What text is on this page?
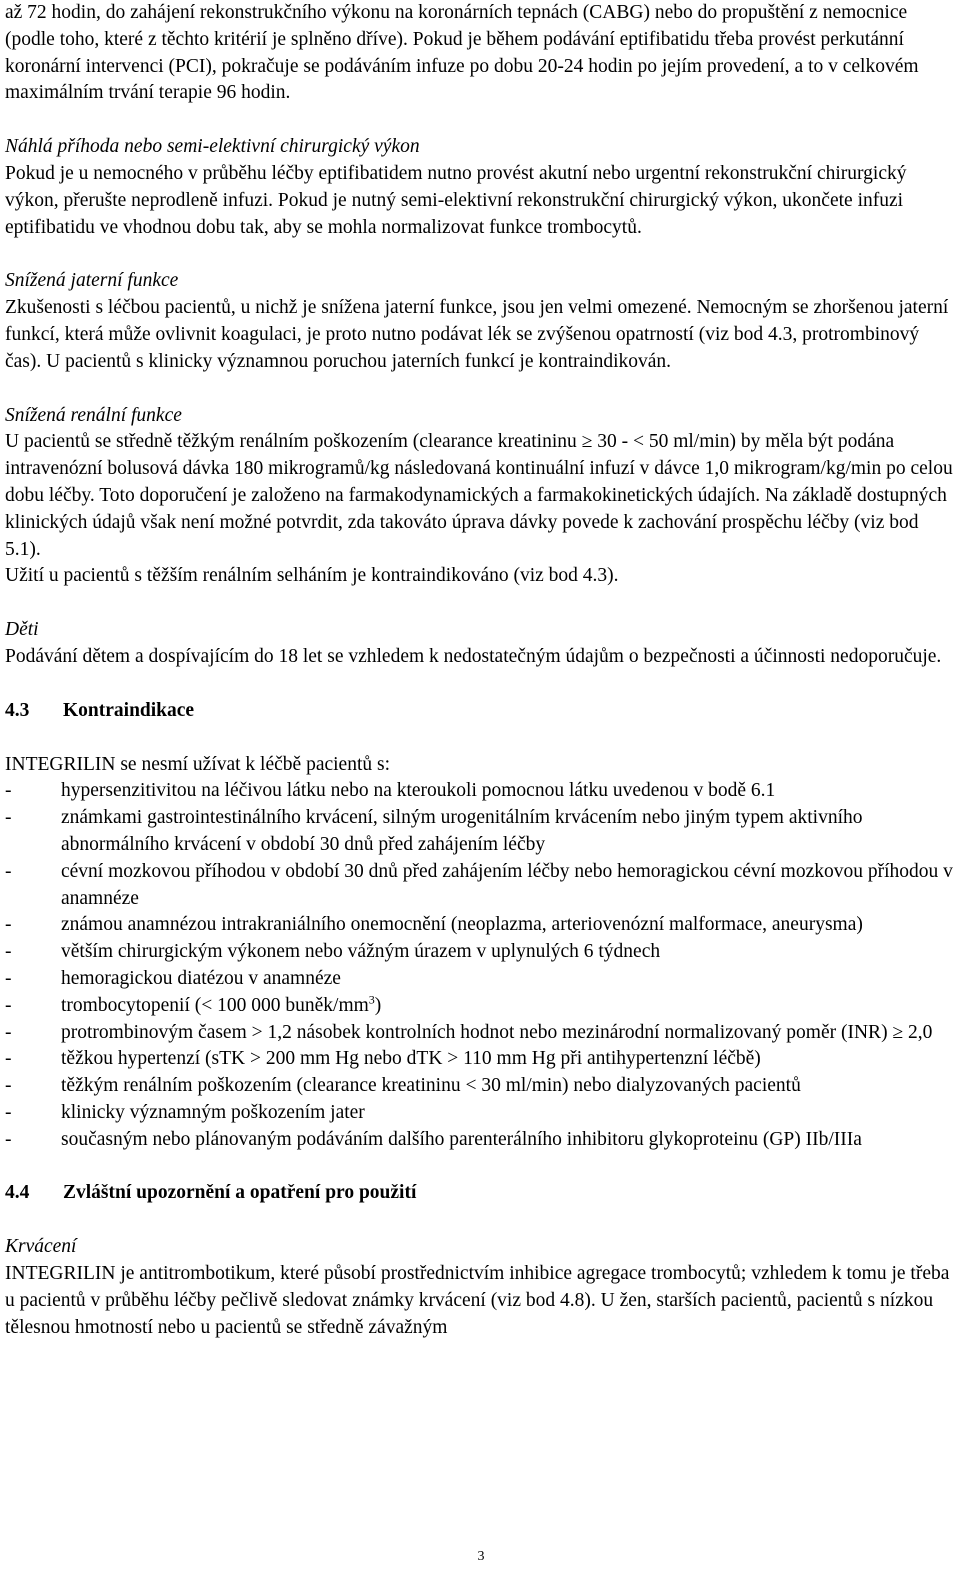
až 72 hodin, do zahájení rekonstrukčního výkonu na koronárních tepnách (CABG) nebo do propuštění z nemocnice (podle toho, které z těchto kritérií je splněno dříve). Pokud je během podávání eptifibatidu třeba provést perkutánní koronární intervenci (PCI), pokračuje se podáváním infuze po dobu 20-24 hodin po jejím provedení, a to v celkovém maximálním trvání terapie 96 hodin.

Náhlá příhoda nebo semi-elektivní chirurgický výkon

Pokud je u nemocného v průběhu léčby eptifibatidem nutno provést akutní nebo urgentní rekonstrukční chirurgický výkon, přerušte neprodleně infuzi. Pokud je nutný semi-elektivní rekonstrukční chirurgický výkon, ukončete infuzi eptifibatidu ve vhodnou dobu tak, aby se mohla normalizovat funkce trombocytů.

Snížená jaterní funkce

Zkušenosti s léčbou pacientů, u nichž je snížena jaterní funkce, jsou jen velmi omezené. Nemocným se zhoršenou jaterní funkcí, která může ovlivnit koagulaci, je proto nutno podávat lék se zvýšenou opatrností (viz bod 4.3, protrombinový čas). U pacientů s klinicky významnou poruchou jaterních funkcí je kontraindikován.

Snížená renální funkce

U pacientů se středně těžkým renálním poškozením (clearance kreatininu ≥ 30 - < 50 ml/min) by měla být podána intravenózní bolusová dávka 180 mikrogramů/kg následovaná kontinuální infuzí v dávce 1,0 mikrogram/kg/min po celou dobu léčby. Toto doporučení je založeno na farmakodynamických a farmakokinetických údajích. Na základě dostupných klinických údajů však není možné potvrdit, zda takováto úprava dávky povede k zachování prospěchu léčby (viz bod 5.1).

Užití u pacientů s těžším renálním selháním je kontraindikováno (viz bod 4.3).

Děti

Podávání dětem a dospívajícím do 18 let se vzhledem k nedostatečným údajům o bezpečnosti a účinnosti nedoporučuje.

4.3 Kontraindikace

INTEGRILIN se nesmí užívat k léčbě pacientů s:

-	hypersenzitivitou na léčivou látku nebo na kteroukoli pomocnou látku uvedenou v bodě 6.1
-	známkami gastrointestinálního krvácení, silným urogenitálním krvácením nebo jiným typem aktivního abnormálního krvácení v období 30 dnů před zahájením léčby
-	cévní mozkovou příhodou v období 30 dnů před zahájením léčby nebo hemoragickou cévní mozkovou příhodou v anamnéze
-	známou anamnézou intrakraniálního onemocnění (neoplazma, arteriovenózní malformace, aneurysma)
-	větším chirurgickým výkonem nebo vážným úrazem v uplynulých 6 týdnech
-	hemoragickou diatézou v anamnéze
-	trombocytopenií (< 100 000 buněk/$mm^3$)
-	protrombinovým časem > 1,2 násobek kontrolních hodnot nebo mezinárodní normalizovaný poměr (INR) ≥ 2,0
-	těžkou hypertenzí (sTK > 200 mm Hg nebo dTK > 110 mm Hg při antihypertenzní léčbě)
-	těžkým renálním poškozením (clearance kreatininu < 30 ml/min) nebo dialyzovaných pacientů
-	klinicky významným poškozením jater
-	současným nebo plánovaným podáváním dalšího parenterálního inhibitoru glykoproteinu (GP) IIb/IIIa

4.4 Zvláštní upozornění a opatření pro použití

Krvácení

INTEGRILIN je antitrombotikum, které působí prostřednictvím inhibice agregace trombocytů; vzhledem k tomu je třeba u pacientů v průběhu léčby pečlivě sledovat známky krvácení (viz bod 4.8). U žen, starších pacientů, pacientů s nízkou tělesnou hmotností nebo u pacientů se středně závažným

3
